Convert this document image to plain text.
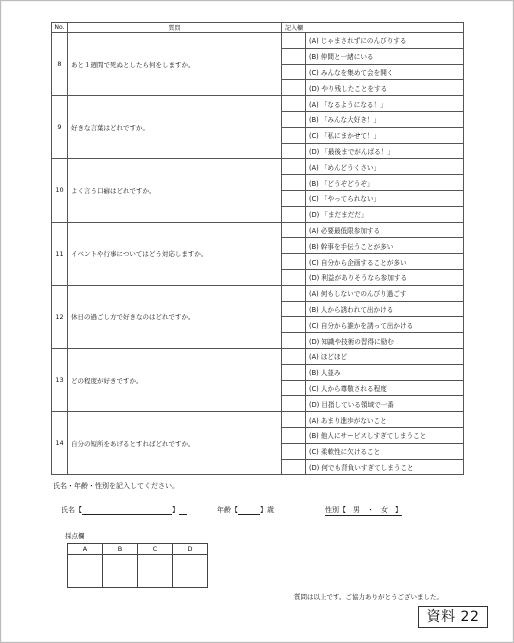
No.	質問	記入欄	
8	あと１週間で死ぬとしたら何をしますか。		(A) じゃまされずにのんびりする
			(B) 仲間と一緒にいる
			(C) みんなを集めて会を開く
			(D) やり残したことをする
9	好きな言葉はどれですか。		(A) 「なるようになる！」
			(B) 「みんな大好き！」
			(C) 「私にまかせて！」
			(D) 「最後までがんばる！」
10	よく言う口癖はどれですか。		(A) 「めんどうくさい」
			(B) 「どうぞどうぞ」
			(C) 「やってられない」
			(D) 「まだまだだ」
11	イベントや行事についてはどう対応しますか。		(A) 必要最低限参加する
			(B) 幹事を手伝うことが多い
			(C) 自分から企画することが多い
			(D) 利益がありそうなら参加する
12	休日の過ごし方で好きなのはどれですか。		(A) 何もしないでのんびり過ごす
			(B) 人から誘われて出かける
			(C) 自分から誰かを誘って出かける
			(D) 知識や技術の習得に励む
13	どの程度が好きですか。		(A) ほどほど
			(B) 人並み
			(C) 人から尊敬される程度
			(D) 目指している領域で一番
14	自分の短所をあげるとすればどれですか。		(A) あまり進歩がないこと
			(B) 他人にサービスしすぎてしまうこと
			(C) 柔軟性に欠けること
			(D) 何でも背負いすぎてしまうこと
氏名・年齢・性別を記入してください。
氏名【	】	年齢【	】歳	性別【　男　・　女　】
採点欄
A	B	C	D

質問は以上です。ご協力ありがとうございました。
資料 22
